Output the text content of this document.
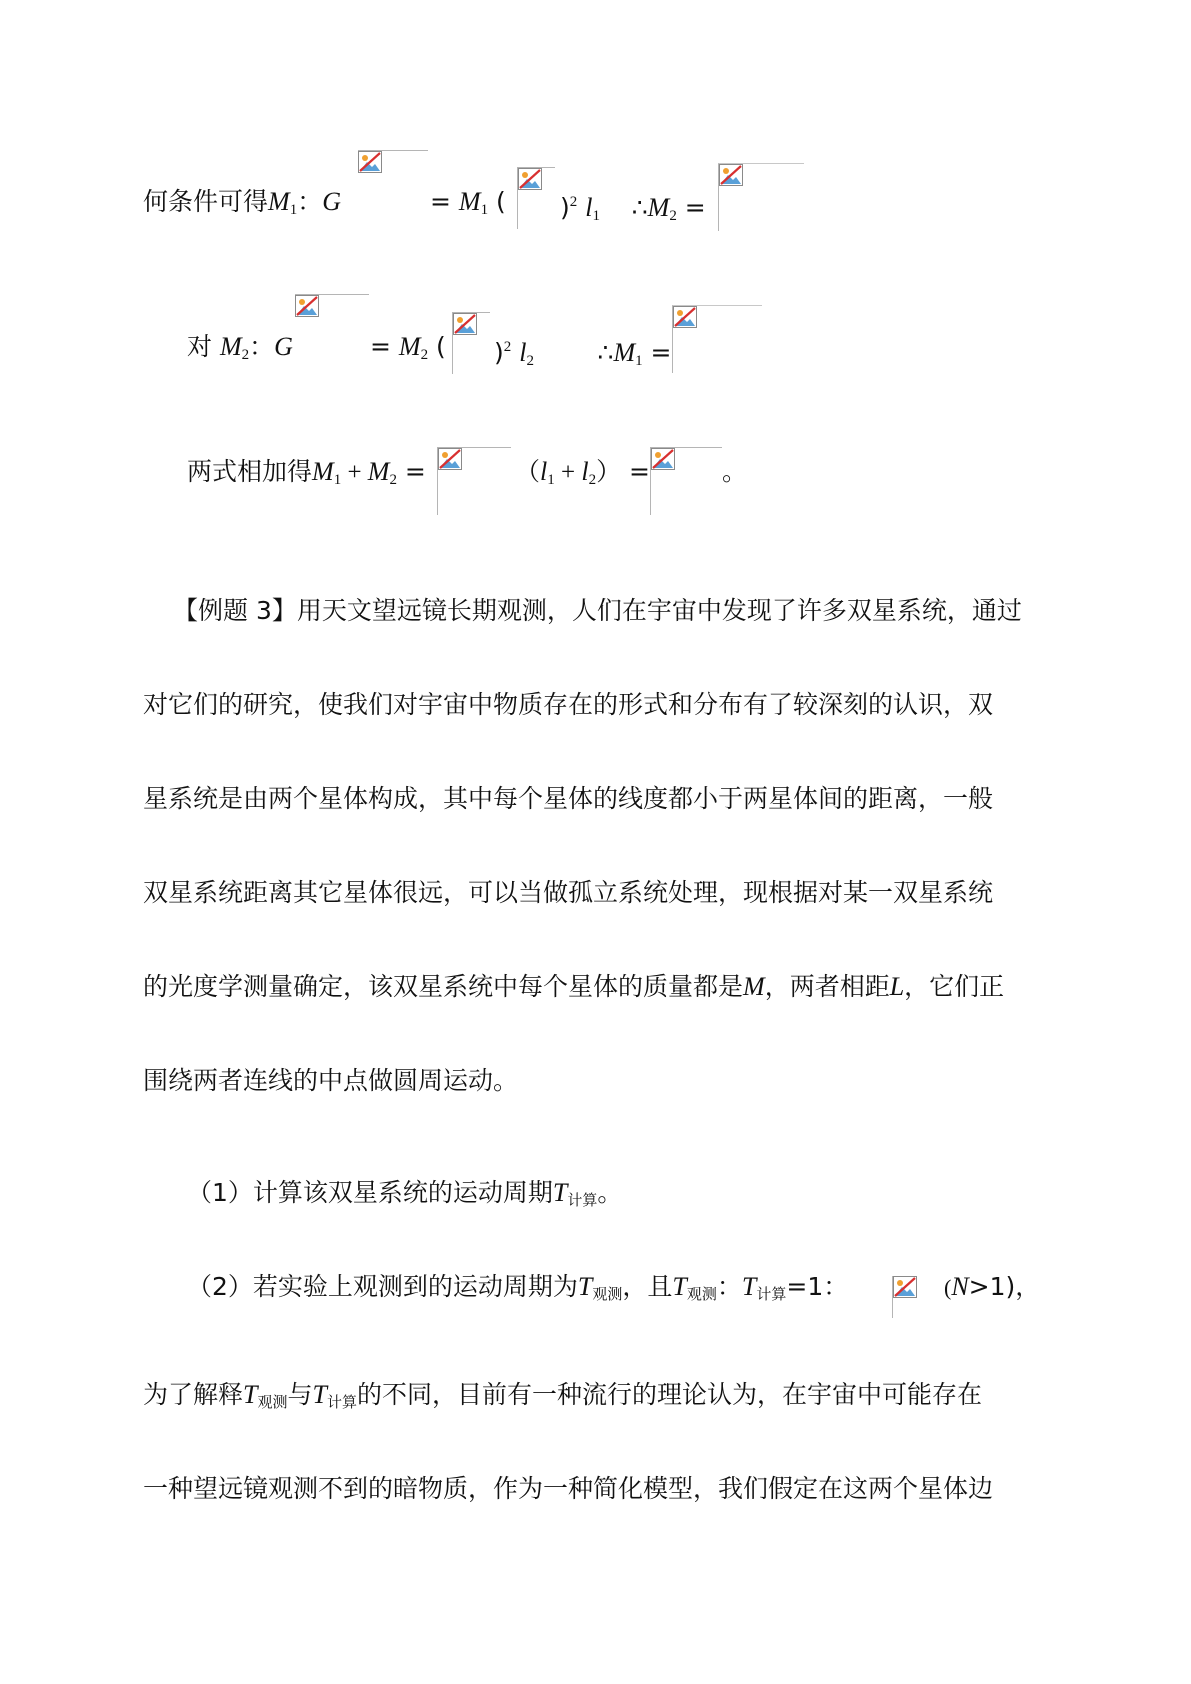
何条件可得$M_1$：G	= $M_1$ ( )$^2$ $l_1$ $\therefore M_2$ =
对 $M_2$：G	= $M_2$ ( )$^2$ $l_2$	$\therefore M_1$ =
两式相加得$M_1 + M_2$ =	$(l_1 + l_2)$ =	。
【例题 3】用天文望远镜长期观测，人们在宇宙中发现了许多双星系统，通过
对它们的研究，使我们对宇宙中物质存在的形式和分布有了较深刻的认识，双
星系统是由两个星体构成，其中每个星体的线度都小于两星体间的距离，一般
双星系统距离其它星体很远，可以当做孤立系统处理，现根据对某一双星系统
的光度学测量确定，该双星系统中每个星体的质量都是M，两者相距L，它们正
围绕两者连线的中点做圆周运动。
（1）计算该双星系统的运动周期T计算。
（2）若实验上观测到的运动周期为T观测，且T观测：T计算=1：	(N>1)，
为了解释T观测与T计算的不同，目前有一种流行的理论认为，在宇宙中可能存在
一种望远镜观测不到的暗物质，作为一种简化模型，我们假定在这两个星体边
